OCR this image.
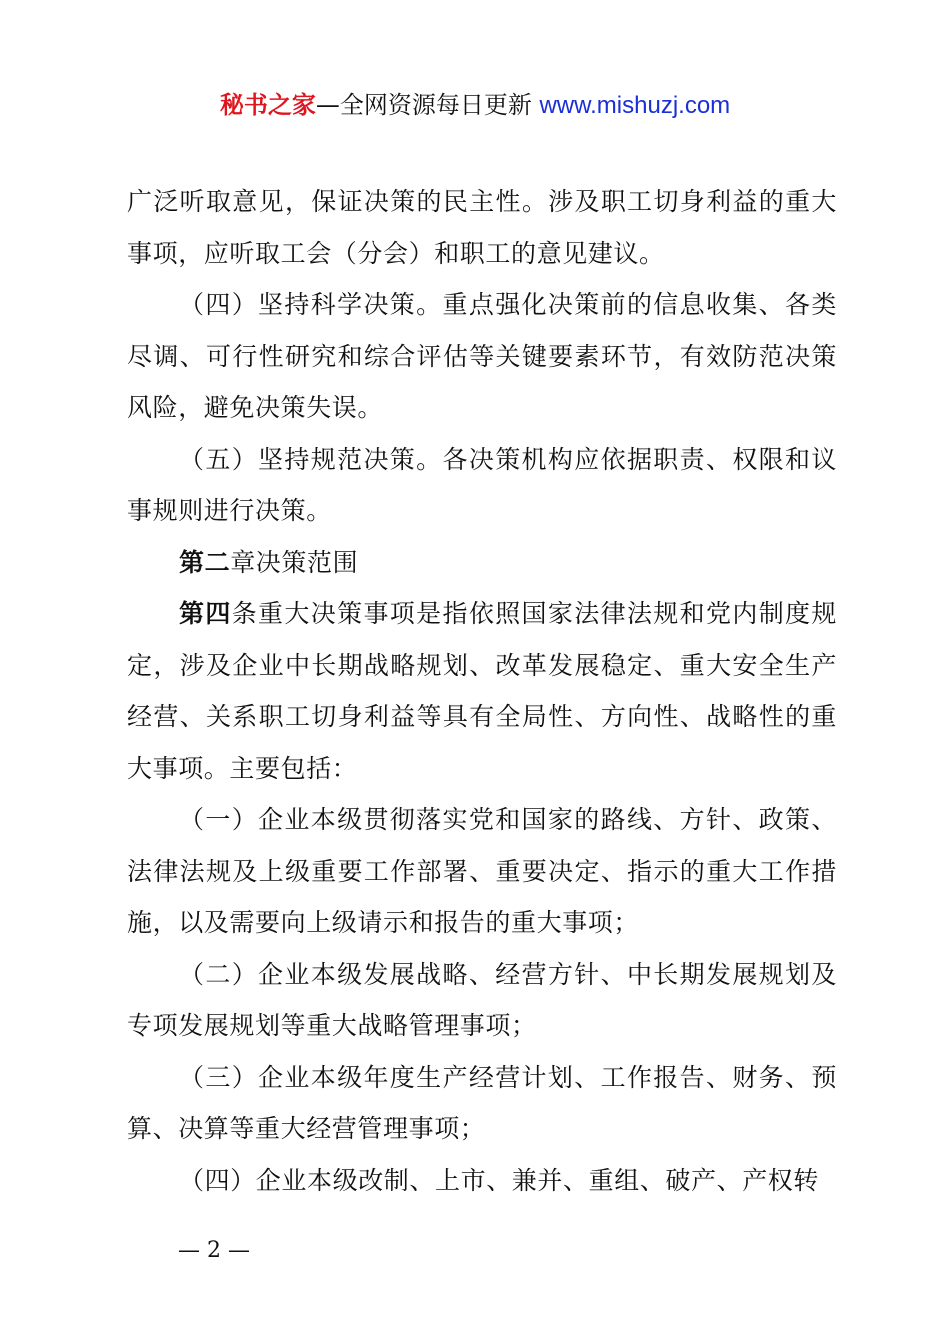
秘书之家—全网资源每日更新 www.mishuzj.com

广泛听取意见，保证决策的民主性。涉及职工切身利益的重大事项，应听取工会（分会）和职工的意见建议。

（四）坚持科学决策。重点强化决策前的信息收集、各类尽调、可行性研究和综合评估等关键要素环节，有效防范决策风险，避免决策失误。

（五）坚持规范决策。各决策机构应依据职责、权限和议事规则进行决策。

第二章决策范围

第四条重大决策事项是指依照国家法律法规和党内制度规定，涉及企业中长期战略规划、改革发展稳定、重大安全生产经营、关系职工切身利益等具有全局性、方向性、战略性的重大事项。主要包括：

（一）企业本级贯彻落实党和国家的路线、方针、政策、法律法规及上级重要工作部署、重要决定、指示的重大工作措施，以及需要向上级请示和报告的重大事项；

（二）企业本级发展战略、经营方针、中长期发展规划及专项发展规划等重大战略管理事项；

（三）企业本级年度生产经营计划、工作报告、财务、预算、决算等重大经营管理事项；

（四）企业本级改制、上市、兼并、重组、破产、产权转

— 2 —
